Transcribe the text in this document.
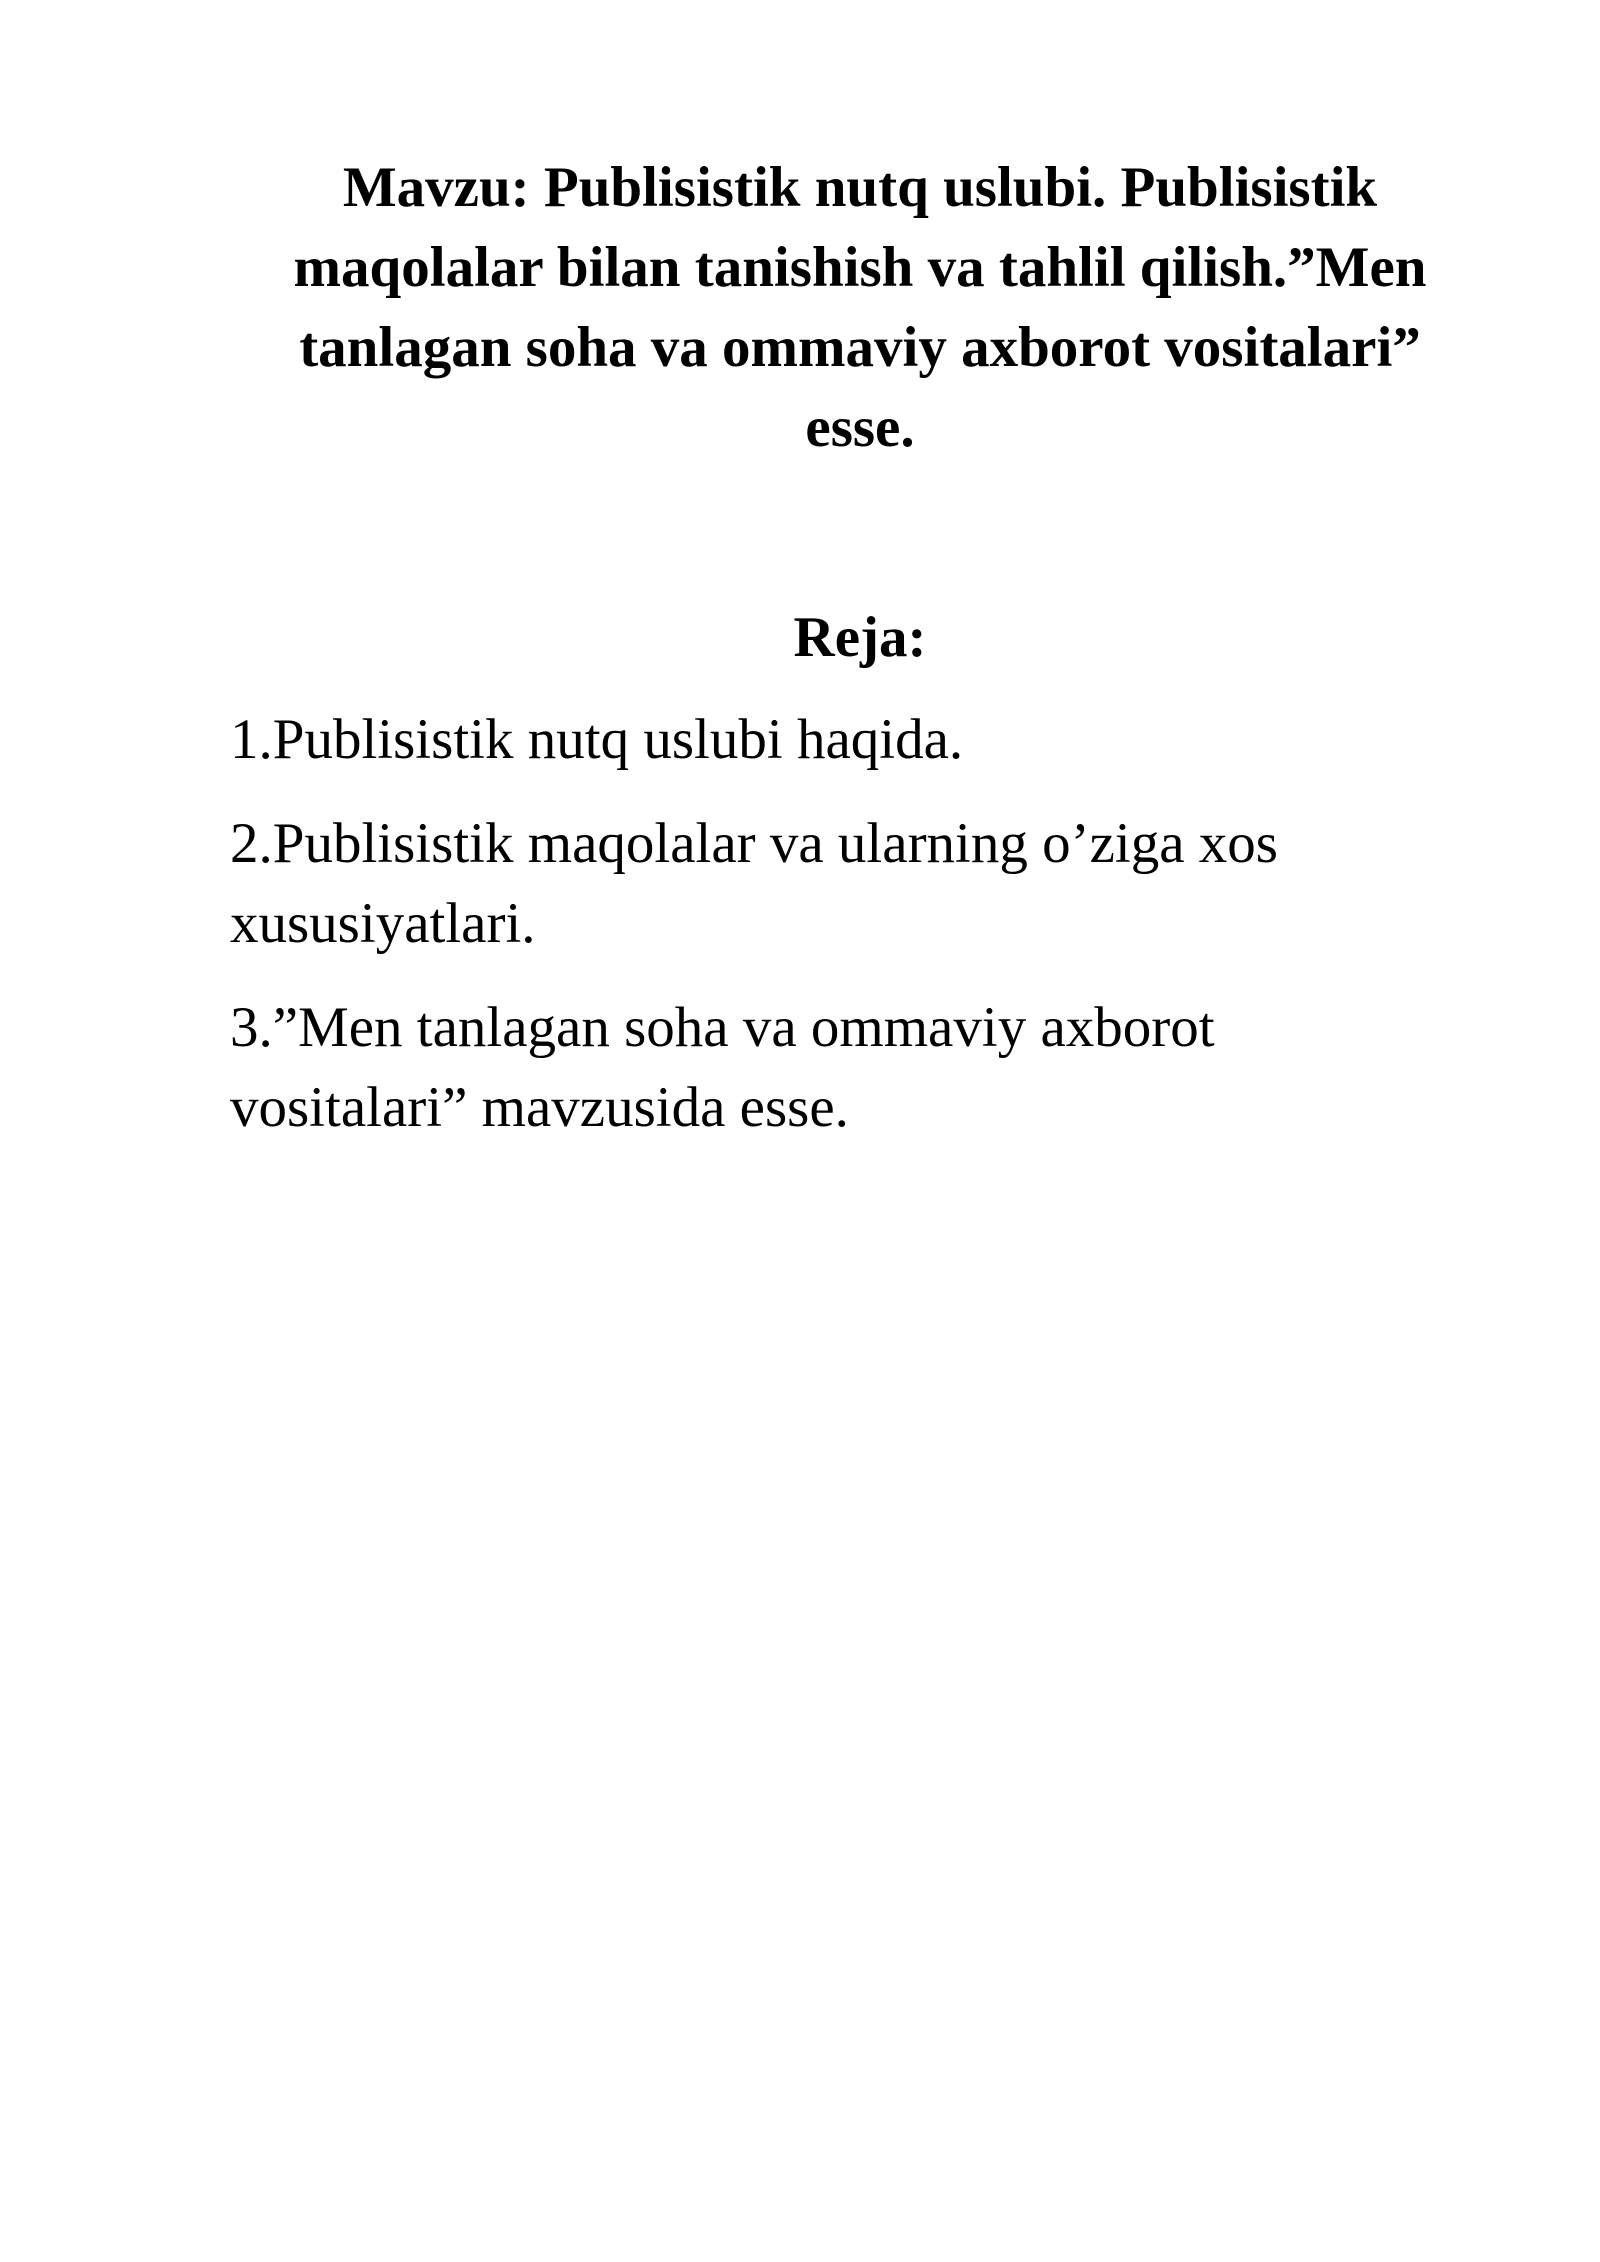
Mavzu: Publisistik nutq uslubi. Publisistik
maqolalar bilan tanishish va tahlil qilish.”Men
tanlagan soha va ommaviy axborot vositalari”
esse.
Reja:
1.Publisistik nutq uslubi haqida.
2.Publisistik maqolalar va ularning o’ziga xos
xususiyatlari.
3.”Men tanlagan soha va ommaviy axborot
vositalari” mavzusida esse.
